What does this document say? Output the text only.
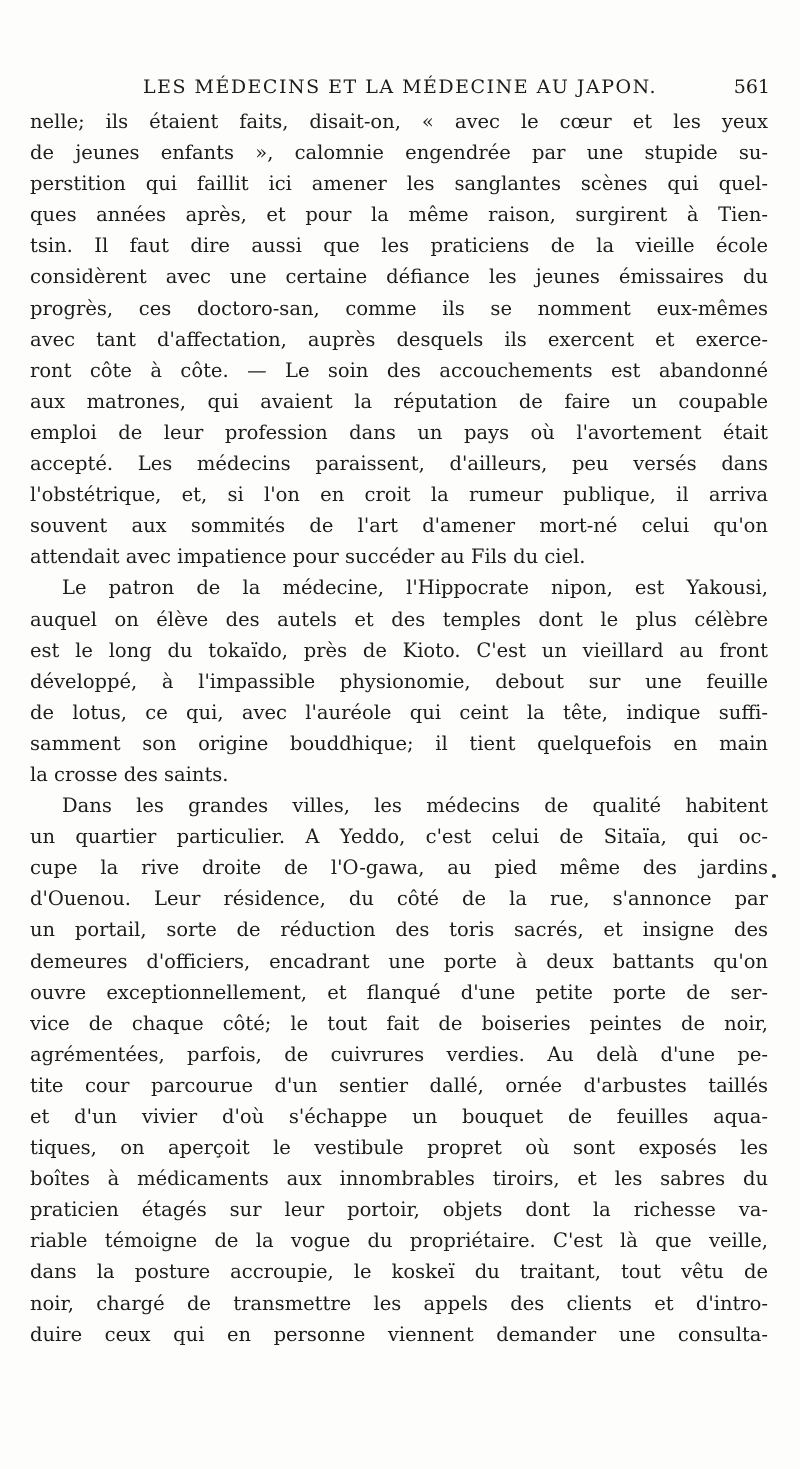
LES MÉDECINS ET LA MÉDECINE AU JAPON.	561
nelle; ils étaient faits, disait-on, « avec le cœur et les yeux
de jeunes enfants », calomnie engendrée par une stupide su-
perstition qui faillit ici amener les sanglantes scènes qui quel-
ques années après, et pour la même raison, surgirent à Tien-
tsin. Il faut dire aussi que les praticiens de la vieille école
considèrent avec une certaine défiance les jeunes émissaires du
progrès, ces doctoro-san, comme ils se nomment eux-mêmes
avec tant d'affectation, auprès desquels ils exercent et exerce-
ront côte à côte. — Le soin des accouchements est abandonné
aux matrones, qui avaient la réputation de faire un coupable
emploi de leur profession dans un pays où l'avortement était
accepté. Les médecins paraissent, d'ailleurs, peu versés dans
l'obstétrique, et, si l'on en croit la rumeur publique, il arriva
souvent aux sommités de l'art d'amener mort-né celui qu'on
attendait avec impatience pour succéder au Fils du ciel.
Le patron de la médecine, l'Hippocrate nipon, est Yakousi,
auquel on élève des autels et des temples dont le plus célèbre
est le long du tokaïdo, près de Kioto. C'est un vieillard au front
développé, à l'impassible physionomie, debout sur une feuille
de lotus, ce qui, avec l'auréole qui ceint la tête, indique suffi-
samment son origine bouddhique; il tient quelquefois en main
la crosse des saints.
Dans les grandes villes, les médecins de qualité habitent
un quartier particulier. A Yeddo, c'est celui de Sitaïa, qui oc-
cupe la rive droite de l'O-gawa, au pied même des jardins
d'Ouenou. Leur résidence, du côté de la rue, s'annonce par
un portail, sorte de réduction des toris sacrés, et insigne des
demeures d'officiers, encadrant une porte à deux battants qu'on
ouvre exceptionnellement, et flanqué d'une petite porte de ser-
vice de chaque côté; le tout fait de boiseries peintes de noir,
agrémentées, parfois, de cuivrures verdies. Au delà d'une pe-
tite cour parcourue d'un sentier dallé, ornée d'arbustes taillés
et d'un vivier d'où s'échappe un bouquet de feuilles aqua-
tiques, on aperçoit le vestibule propret où sont exposés les
boîtes à médicaments aux innombrables tiroirs, et les sabres du
praticien étagés sur leur portoir, objets dont la richesse va-
riable témoigne de la vogue du propriétaire. C'est là que veille,
dans la posture accroupie, le koskeï du traitant, tout vêtu de
noir, chargé de transmettre les appels des clients et d'intro-
duire ceux qui en personne viennent demander une consulta-
